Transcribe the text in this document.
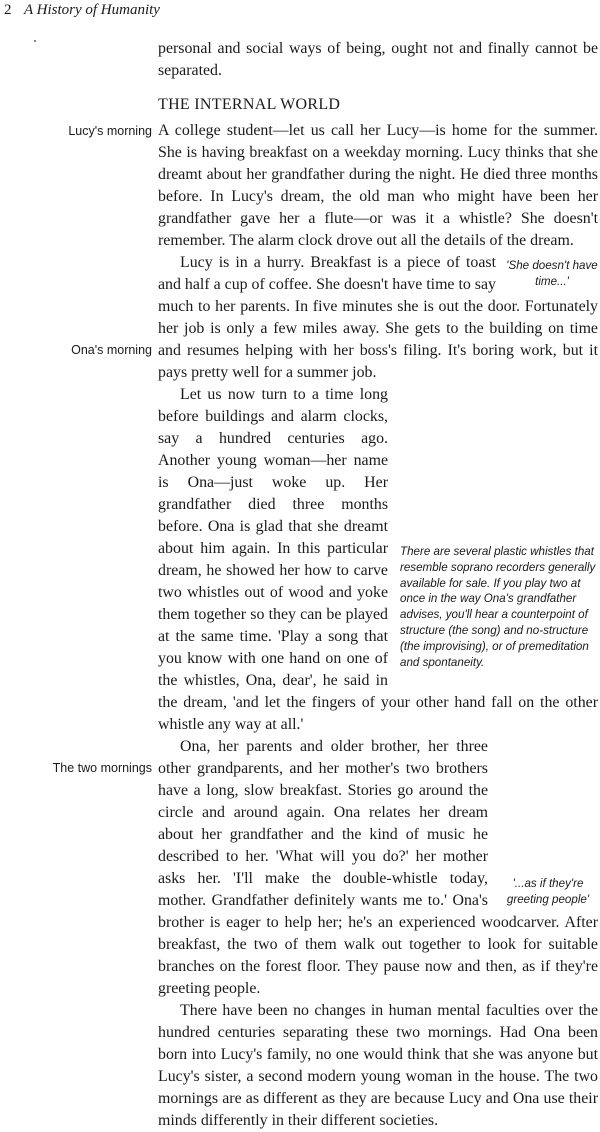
2 A History of Humanity

personal and social ways of being, ought not and finally cannot be separated.

THE INTERNAL WORLD
Lucy's morning
Ona's morning
The two mornings

A college student—let us call her Lucy—is home for the summer. She is having breakfast on a weekday morning. Lucy thinks that she dreamt about her grandfather during the night. He died three months before. In Lucy's dream, the old man who might have been her grandfather gave her a flute—or was it a whistle? She doesn't remember. The alarm clock drove out all the details of the dream.

'She doesn't have time...'
Lucy is in a hurry. Breakfast is a piece of toast and half a cup of coffee. She doesn't have time to say much to her parents. In five minutes she is out the door. Fortunately her job is only a few miles away. She gets to the building on time and resumes helping with her boss's filing. It's boring work, but it pays pretty well for a summer job.

There are several plastic whistles that resemble soprano recorders generally available for sale. If you play two at once in the way Ona's grandfather advises, you'll hear a counterpoint of structure (the song) and no-structure (the improvising), or of premeditation and spontaneity.
Let us now turn to a time long before buildings and alarm clocks, say a hundred centuries ago. Another young woman—her name is Ona—just woke up. Her grandfather died three months before. Ona is glad that she dreamt about him again. In this particular dream, he showed her how to carve two whistles out of wood and yoke them together so they can be played at the same time. 'Play a song that you know with one hand on one of the whistles, Ona, dear', he said in the dream, 'and let the fingers of your other hand fall on the other whistle any way at all.'

'...as if they're greeting people'
Ona, her parents and older brother, her three other grandparents, and her mother's two brothers have a long, slow breakfast. Stories go around the circle and around again. Ona relates her dream about her grandfather and the kind of music he described to her. 'What will you do?' her mother asks her. 'I'll make the double-whistle today, mother. Grandfather definitely wants me to.' Ona's brother is eager to help her; he's an experienced woodcarver. After breakfast, the two of them walk out together to look for suitable branches on the forest floor. They pause now and then, as if they're greeting people.

There have been no changes in human mental faculties over the hundred centuries separating these two mornings. Had Ona been born into Lucy's family, no one would think that she was anyone but Lucy's sister, a second modern young woman in the house. The two mornings are as different as they are because Lucy and Ona use their minds differently in their different societies.
